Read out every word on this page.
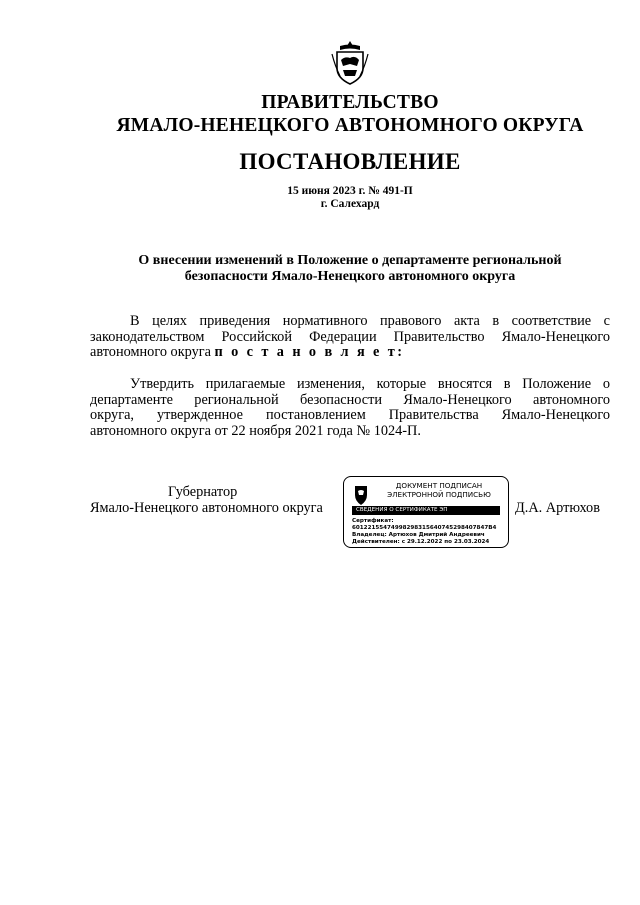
ПРАВИТЕЛЬСТВО
ЯМАЛО-НЕНЕЦКОГО АВТОНОМНОГО ОКРУГА
ПОСТАНОВЛЕНИЕ
15 июня 2023 г. № 491-П
г. Салехард
О внесении изменений в Положение о департаменте региональной
безопасности Ямало-Ненецкого автономного округа
В целях приведения нормативного правового акта в соответствие с
законодательством Российской Федерации Правительство Ямало-Ненецкого
автономного округа п о с т а н о в л я е т:
Утвердить прилагаемые изменения, которые вносятся в Положение о
департаменте региональной безопасности Ямало-Ненецкого автономного
округа, утвержденное постановлением Правительства Ямало-Ненецкого
автономного округа от 22 ноября 2021 года № 1024-П.
Губернатор
Ямало-Ненецкого автономного округа	Д.А. Артюхов
ДОКУМЕНТ ПОДПИСАН
ЭЛЕКТРОННОЙ ПОДПИСЬЮ
СВЕДЕНИЯ О СЕРТИФИКАТЕ ЭП
Сертификат:
60122155474998298315640745298407847B4
Владелец: Артюхов Дмитрий Андреевич
Действителен: с 29.12.2022 по 23.03.2024
